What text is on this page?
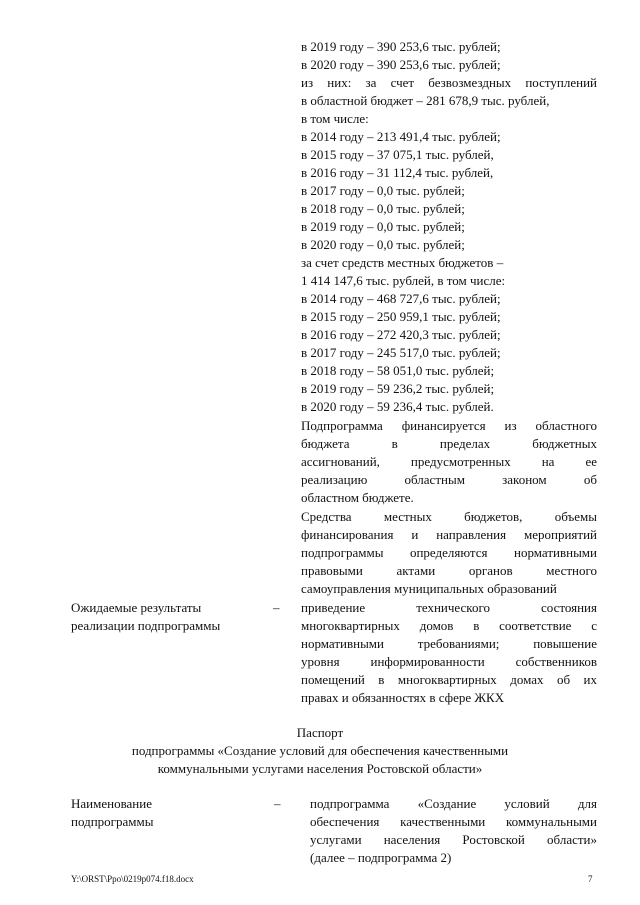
в 2019 году – 390 253,6 тыс. рублей;
в 2020 году – 390 253,6 тыс. рублей;
из них: за счет безвозмездных поступлений
в областной бюджет – 281 678,9 тыс. рублей,
в том числе:
в 2014 году – 213 491,4 тыс. рублей;
в 2015 году – 37 075,1 тыс. рублей,
в 2016 году – 31 112,4 тыс. рублей,
в 2017 году – 0,0 тыс. рублей;
в 2018 году – 0,0 тыс. рублей;
в 2019 году – 0,0 тыс. рублей;
в 2020 году – 0,0 тыс. рублей;
за счет средств местных бюджетов –
1 414 147,6 тыс. рублей, в том числе:
в 2014 году – 468 727,6 тыс. рублей;
в 2015 году – 250 959,1 тыс. рублей;
в 2016 году – 272 420,3 тыс. рублей;
в 2017 году – 245 517,0 тыс. рублей;
в 2018 году – 58 051,0 тыс. рублей;
в 2019 году – 59 236,2 тыс. рублей;
в 2020 году – 59 236,4 тыс. рублей.
Подпрограмма финансируется из областного
бюджета в пределах бюджетных
ассигнований, предусмотренных на ее
реализацию областным законом об
областном бюджете.
Средства местных бюджетов, объемы
финансирования и направления мероприятий
подпрограммы определяются нормативными
правовыми актами органов местного
самоуправления муниципальных образований
Ожидаемые результаты
реализации подпрограммы
– приведение технического состояния
многоквартирных домов в соответствие с
нормативными требованиями; повышение
уровня информированности собственников
помещений в многоквартирных домах об их
правах и обязанностях в сфере ЖКХ
Паспорт
подпрограммы «Создание условий для обеспечения качественными
коммунальными услугами населения Ростовской области»
Наименование
подпрограммы
– подпрограмма «Создание условий для
обеспечения качественными коммунальными
услугами населения Ростовской области»
(далее – подпрограмма 2)
Y:\ORST\Ppo\0219p074.f18.docx	7
